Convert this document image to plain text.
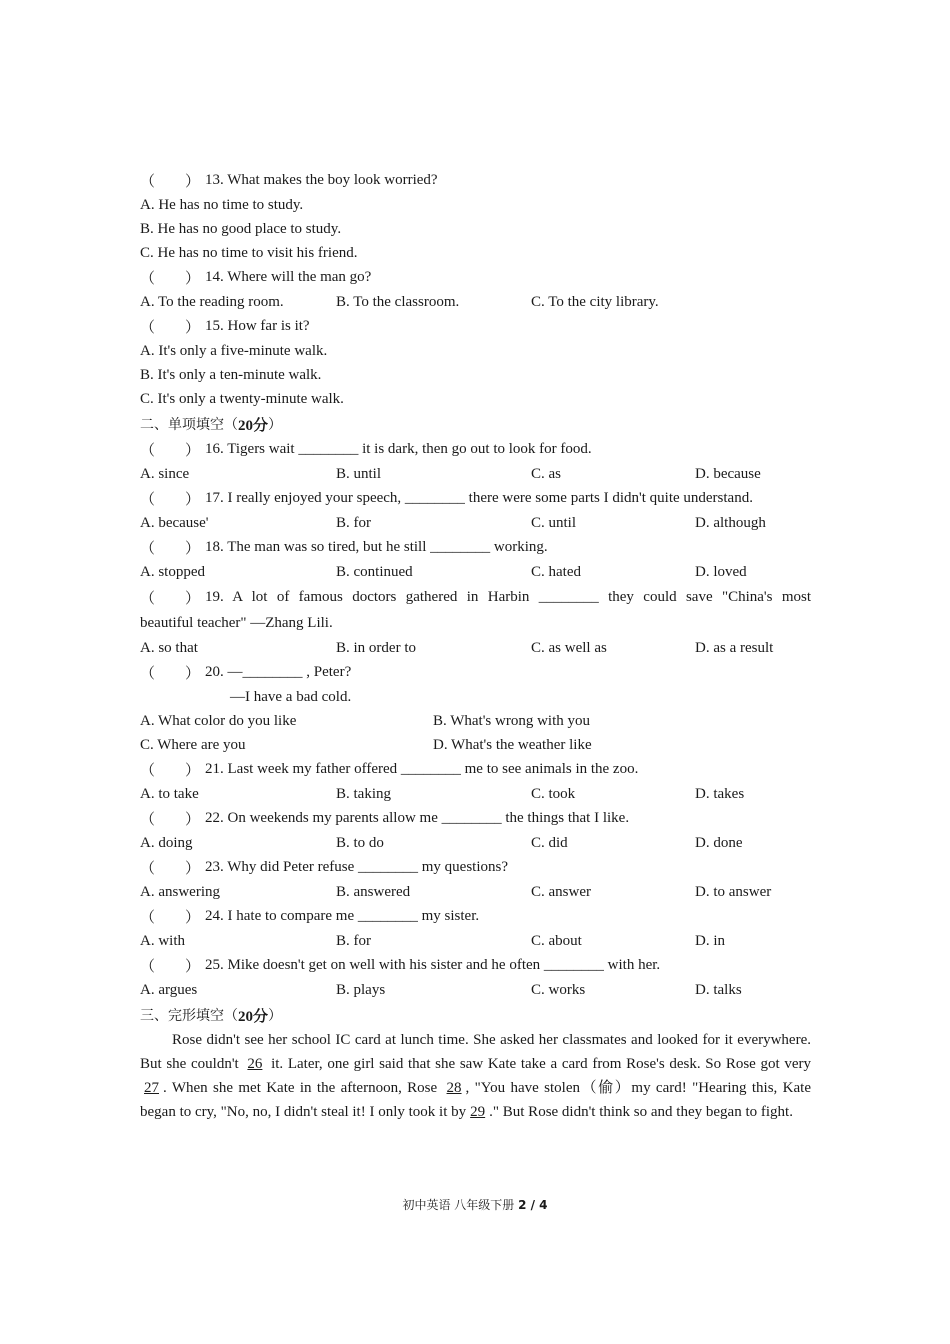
（　　） 13. What makes the boy look worried?
A. He has no time to study.
B. He has no good place to study.
C. He has no time to visit his friend.
（　　） 14. Where will the man go?
A. To the reading room.	B. To the classroom.	C. To the city library.
（　　） 15. How far is it?
A. It's only a five-minute walk.
B. It's only a ten-minute walk.
C. It's only a twenty-minute walk.
二、单项填空（ 20分 ）
（　　） 16. Tigers wait ________ it is dark, then go out to look for food.
A. since	B. until	C. as	D. because
（　　） 17. I really enjoyed your speech, ________ there were some parts I didn't quite understand.
A. because'	B. for	C. until	D. although
（　　） 18. The man was so tired, but he still ________ working.
A. stopped	B. continued	C. hated	D. loved
（　　） 19. A lot of famous doctors gathered in Harbin ________ they could save "China's most
beautiful teacher" —Zhang Lili.
A. so that	B. in order to	C. as well as	D. as a result
（　　） 20. —________ , Peter?
—I have a bad cold.
A. What color do you like	B. What's wrong with you
C. Where are you	D. What's the weather like
（　　） 21. Last week my father offered ________ me to see animals in the zoo.
A. to take	B. taking	C. took	D. takes
（　　） 22. On weekends my parents allow me ________ the things that I like.
A. doing	B. to do	C. did	D. done
（　　） 23. Why did Peter refuse ________ my questions?
A. answering	B. answered	C. answer	D. to answer
（　　） 24. I hate to compare me ________ my sister.
A. with	B. for	C. about	D. in
（　　） 25. Mike doesn't get on well with his sister and he often ________ with her.
A. argues	B. plays	C. works	D. talks
三、完形填空（ 20分 ）

Rose didn't see her school IC card at lunch time. She asked her classmates and looked for it everywhere. But she couldn't 26 it. Later, one girl said that she saw Kate take a card from Rose's desk. So Rose got very 27 . When she met Kate in the afternoon, Rose 28 , "You have stolen（偷）my card! "Hearing this, Kate began to cry, "No, no, I didn't steal it! I only took it by 29 ." But Rose didn't think so and they began to fight.

初中英语 八年级下册 2 / 4
